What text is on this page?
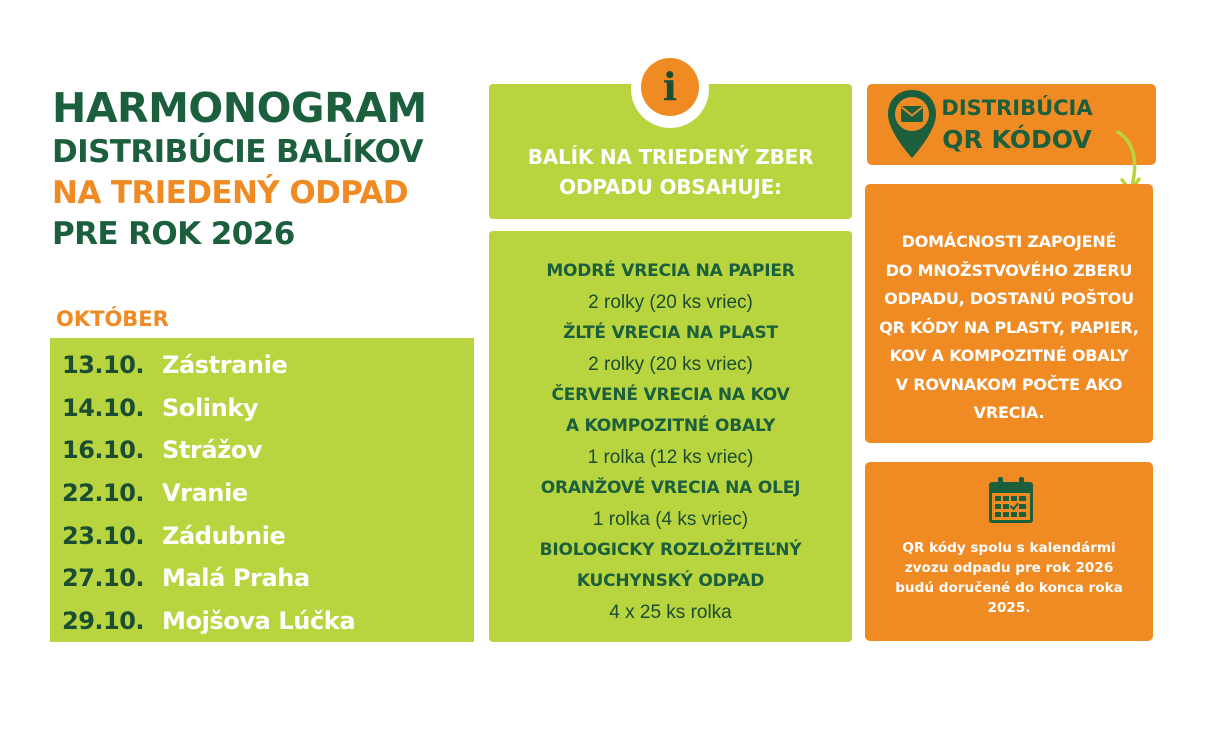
HARMONOGRAM
DISTRIBÚCIE BALÍKOV
NA TRIEDENÝ ODPAD
PRE ROK 2026
OKTÓBER
13.10. Zástranie
14.10. Solinky
16.10. Strážov
22.10. Vranie
23.10. Zádubnie
27.10. Malá Praha
29.10. Mojšova Lúčka
BALÍK NA TRIEDENÝ ZBER
ODPADU OBSAHUJE:
i
MODRÉ VRECIA NA PAPIER
2 rolky (20 ks vriec)
ŽLTÉ VRECIA NA PLAST
2 rolky (20 ks vriec)
ČERVENÉ VRECIA NA KOV
A KOMPOZITNÉ OBALY
1 rolka (12 ks vriec)
ORANŽOVÉ VRECIA NA OLEJ
1 rolka (4 ks vriec)
BIOLOGICKY ROZLOŽITEĽNÝ
KUCHYNSKÝ ODPAD
4 x 25 ks rolka
DISTRIBÚCIA
QR KÓDOV
DOMÁCNOSTI ZAPOJENÉ
DO MNOŽSTVOVÉHO ZBERU
ODPADU, DOSTANÚ POŠTOU
QR KÓDY NA PLASTY, PAPIER,
KOV A KOMPOZITNÉ OBALY
V ROVNAKOM POČTE AKO
VRECIA.
QR kódy spolu s kalendármi
zvozu odpadu pre rok 2026
budú doručené do konca roka
2025.
